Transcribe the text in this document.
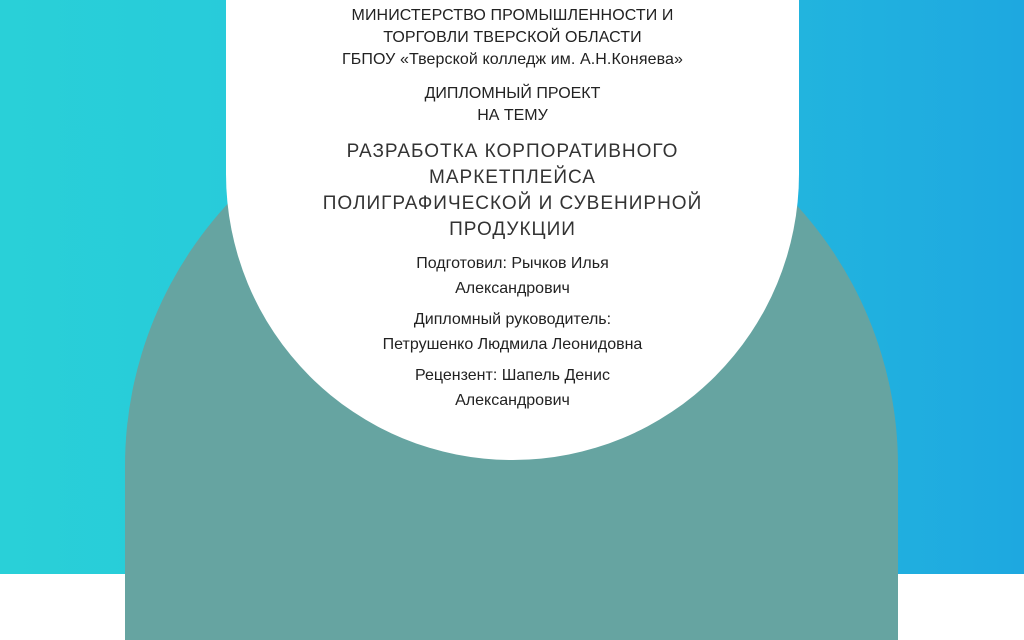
МИНИСТЕРСТВО ПРОМЫШЛЕННОСТИ И
ТОРГОВЛИ ТВЕРСКОЙ ОБЛАСТИ
ГБПОУ «Тверской колледж им. А.Н.Коняева»
ДИПЛОМНЫЙ ПРОЕКТ
НА ТЕМУ
РАЗРАБОТКА КОРПОРАТИВНОГО
МАРКЕТПЛЕЙСА
ПОЛИГРАФИЧЕСКОЙ И СУВЕНИРНОЙ
ПРОДУКЦИИ
Подготовил: Рычков Илья
Александрович
Дипломный руководитель:
Петрушенко Людмила Леонидовна
Рецензент: Шапель Денис
Александрович
